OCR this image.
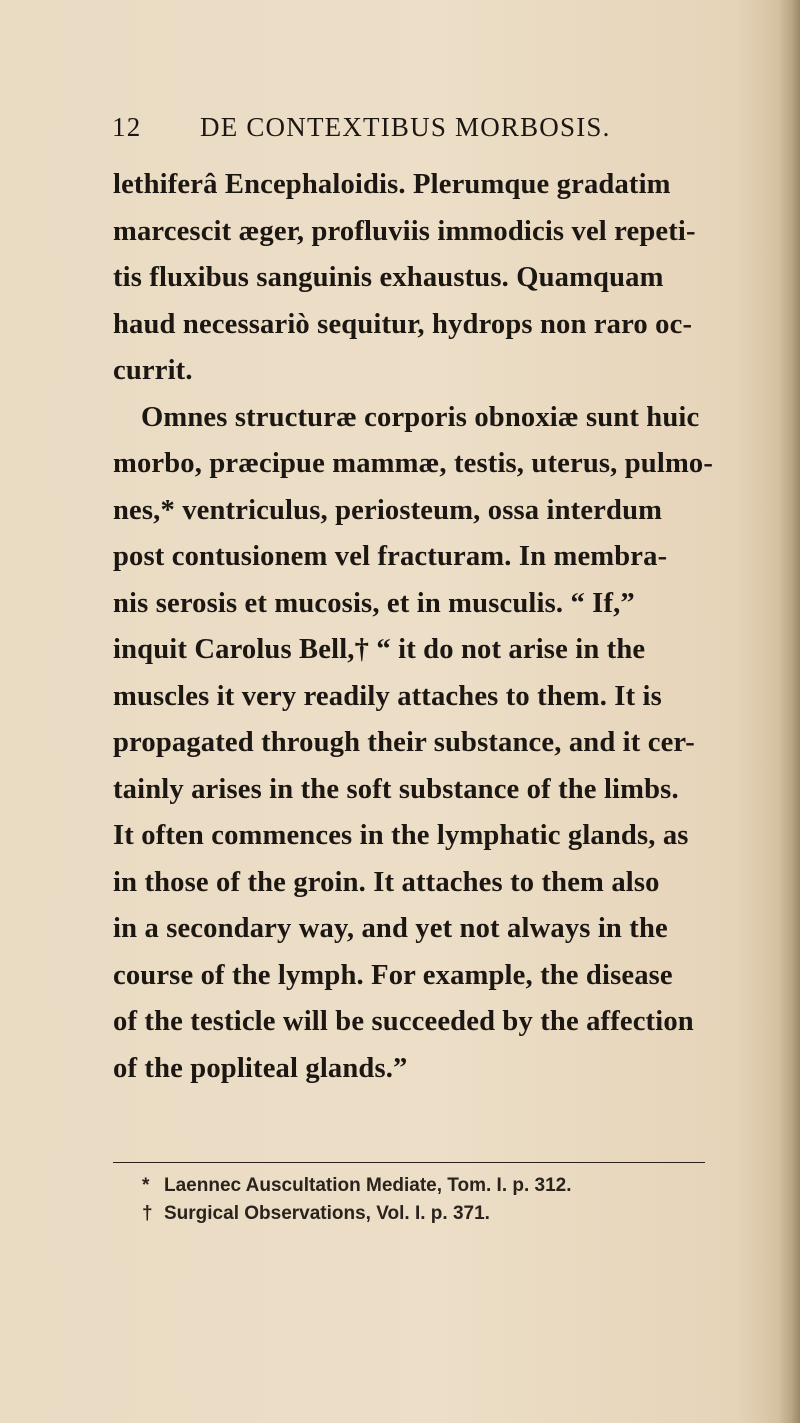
12 DE CONTEXTIBUS MORBOSIS.
lethiferâ Encephaloidis. Plerumque gradatim
marcescit æger, profluviis immodicis vel repeti-
tis fluxibus sanguinis exhaustus. Quamquam
haud necessariò sequitur, hydrops non raro oc-
currit.
Omnes structuræ corporis obnoxiæ sunt huic
morbo, præcipue mammæ, testis, uterus, pulmo-
nes,* ventriculus, periosteum, ossa interdum
post contusionem vel fracturam. In membra-
nis serosis et mucosis, et in musculis. “ If,”
inquit Carolus Bell,† “ it do not arise in the
muscles it very readily attaches to them. It is
propagated through their substance, and it cer-
tainly arises in the soft substance of the limbs.
It often commences in the lymphatic glands, as
in those of the groin. It attaches to them also
in a secondary way, and yet not always in the
course of the lymph. For example, the disease
of the testicle will be succeeded by the affection
of the popliteal glands.”
* Laennec Auscultation Mediate, Tom. I. p. 312.
† Surgical Observations, Vol. I. p. 371.
